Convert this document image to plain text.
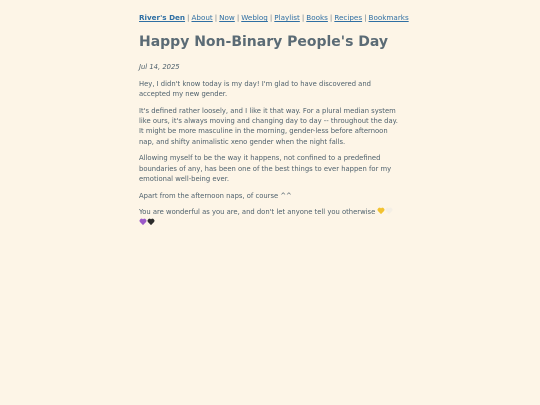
River's Den | About | Now | Weblog | Playlist | Books | Recipes | Bookmarks
Happy Non-Binary People's Day
Jul 14, 2025

Hey, I didn't know today is my day! I'm glad to have discovered and accepted my new gender.

It's defined rather loosely, and I like it that way. For a plural median system like ours, it's always moving and changing day to day -- throughout the day. It might be more masculine in the morning, gender-less before afternoon nap, and shifty animalistic xeno gender when the night falls.

Allowing myself to be the way it happens, not confined to a predefined boundaries of any, has been one of the best things to ever happen for my emotional well-being ever.

Apart from the afternoon naps, of course ^^

You are wonderful as you are, and don't let anyone tell you otherwise
